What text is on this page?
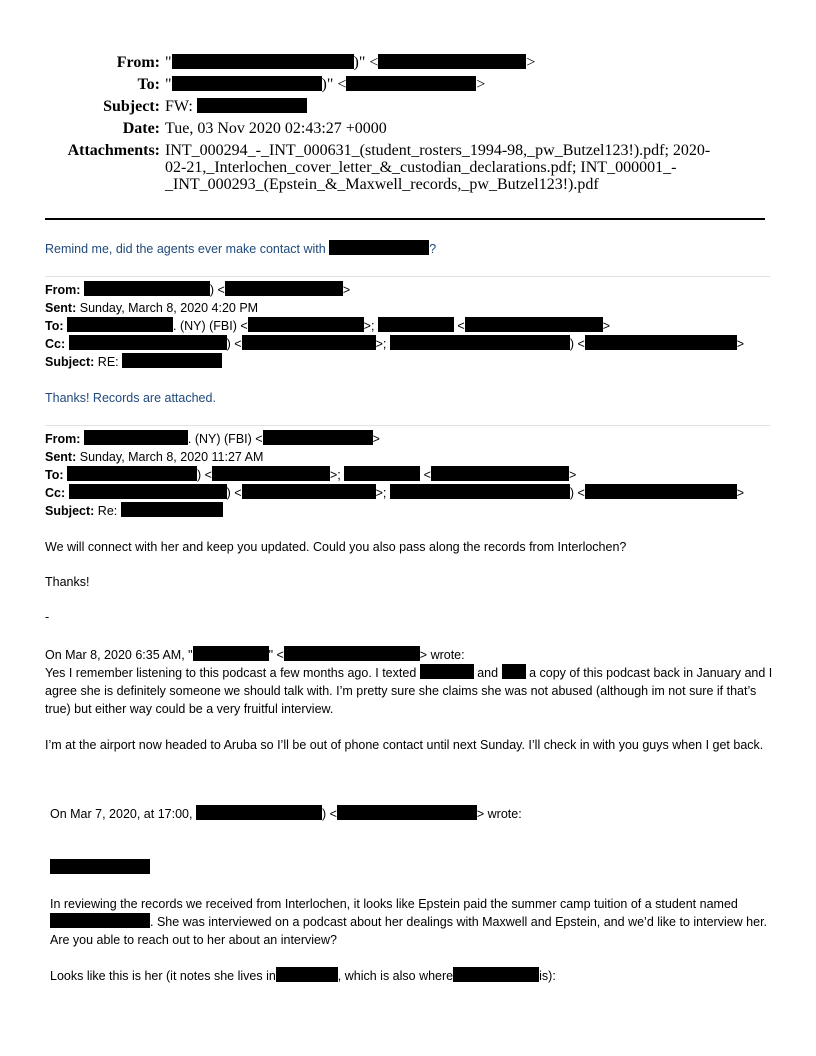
From: "	)" <	>
To: "	)" <	>
Subject: FW:
Date: Tue, 03 Nov 2020 02:43:27 +0000
Attachments: INT_000294_-_INT_000631_(student_rosters_1994-98,_pw_Butzel123!).pdf; 2020-02-21,_Interlochen_cover_letter_&_custodian_declarations.pdf; INT_000001_-_INT_000293_(Epstein_&_Maxwell_records,_pw_Butzel123!).pdf
Remind me, did the agents ever make contact with	?
From:	) <	>
Sent: Sunday, March 8, 2020 4:20 PM
To:	. (NY) (FBI) <	>;	<	>
Cc:	) <	>;	) <	>
Subject: RE:
Thanks! Records are attached.
From:	. (NY) (FBI) <	>
Sent: Sunday, March 8, 2020 11:27 AM
To:	) <	>;	<	>
Cc:	) <	>;	) <	>
Subject: Re:

We will connect with her and keep you updated. Could you also pass along the records from Interlochen?

Thanks!

-

On Mar 8, 2020 6:35 AM, "	" <	> wrote:

Yes I remember listening to this podcast a few months ago. I texted	and a copy of this podcast back in January and I agree she is definitely someone we should talk with. I’m pretty sure she claims she was not abused (although im not sure if that’s true) but either way could be a very fruitful interview.

I’m at the airport now headed to Aruba so I’ll be out of phone contact until next Sunday. I’ll check in with you guys when I get back.

On Mar 7, 2020, at 17:00,	) <	> wrote:

In reviewing the records we received from Interlochen, it looks like Epstein paid the summer camp tuition of a student named . She was interviewed on a podcast about her dealings with Maxwell and Epstein, and we’d like to interview her. Are you able to reach out to her about an interview?

Looks like this is her (it notes she lives in	, which is also where	is):
